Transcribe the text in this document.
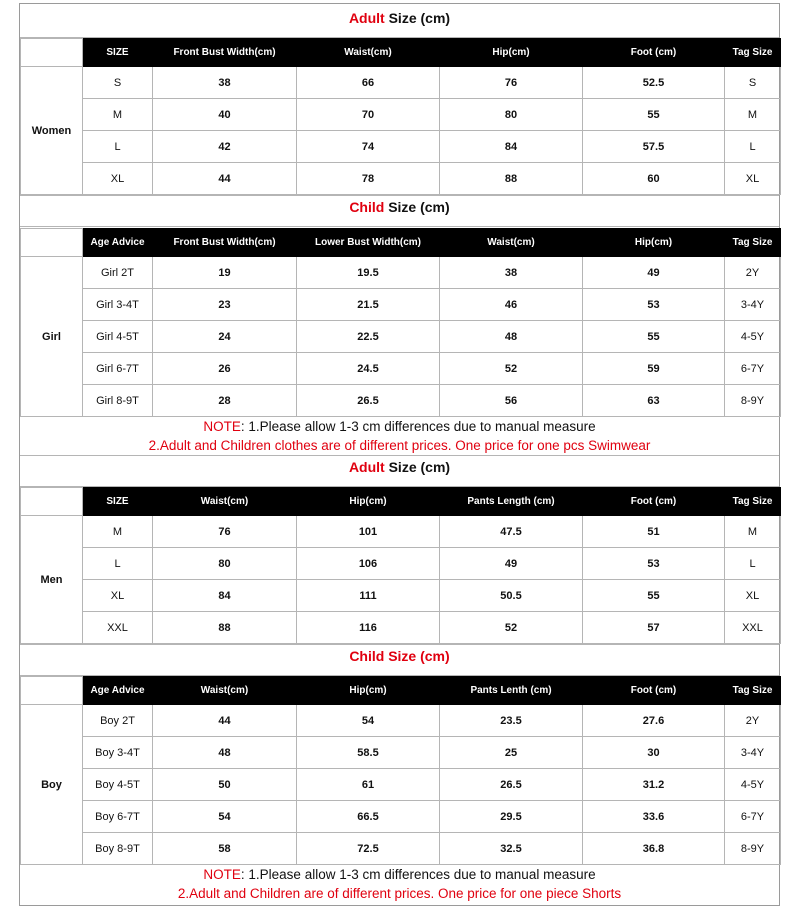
Adult Size (cm)
	SIZE	Front Bust Width(cm)	Waist(cm)	Hip(cm)	Foot (cm)	Tag Size
Women	S	38	66	76	52.5	S
	M	40	70	80	55	M
	L	42	74	84	57.5	L
	XL	44	78	88	60	XL
Child Size (cm)
	Age Advice	Front Bust Width(cm)	Lower Bust Width(cm)	Waist(cm)	Hip(cm)	Tag Size
Girl	Girl 2T	19	19.5	38	49	2Y
	Girl 3-4T	23	21.5	46	53	3-4Y
	Girl 4-5T	24	22.5	48	55	4-5Y
	Girl 6-7T	26	24.5	52	59	6-7Y
	Girl 8-9T	28	26.5	56	63	8-9Y
NOTE: 1.Please allow 1-3 cm differences due to manual measure
2.Adult and Children clothes are of different prices. One price for one pcs Swimwear
Adult Size (cm)
	SIZE	Waist(cm)	Hip(cm)	Pants Length (cm)	Foot (cm)	Tag Size
Men	M	76	101	47.5	51	M
	L	80	106	49	53	L
	XL	84	111	50.5	55	XL
	XXL	88	116	52	57	XXL
Child Size (cm)
	Age Advice	Waist(cm)	Hip(cm)	Pants Lenth (cm)	Foot (cm)	Tag Size
Boy	Boy 2T	44	54	23.5	27.6	2Y
	Boy 3-4T	48	58.5	25	30	3-4Y
	Boy 4-5T	50	61	26.5	31.2	4-5Y
	Boy 6-7T	54	66.5	29.5	33.6	6-7Y
	Boy 8-9T	58	72.5	32.5	36.8	8-9Y
NOTE: 1.Please allow 1-3 cm differences due to manual measure
2.Adult and Children are of different prices. One price for one piece Shorts
